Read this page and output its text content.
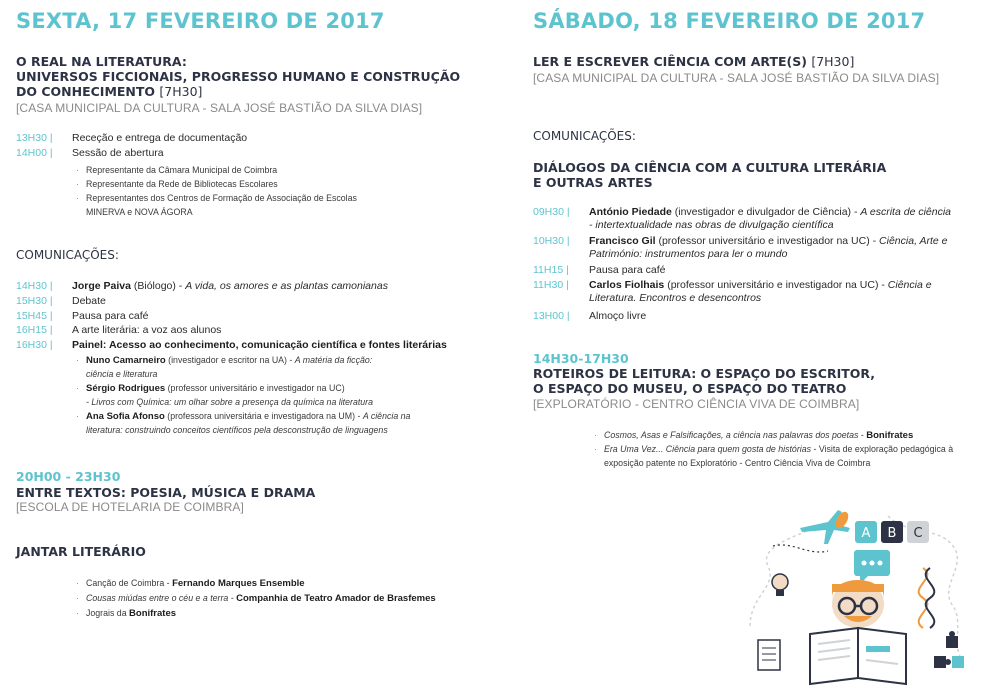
SEXTA, 17 FEVEREIRO DE 2017
O REAL NA LITERATURA:
UNIVERSOS FICCIONAIS, PROGRESSO HUMANO E CONSTRUÇÃO
DO CONHECIMENTO [7H30]
[CASA MUNICIPAL DA CULTURA - SALA JOSÉ BASTIÃO DA SILVA DIAS]
13H30 | Receção e entrega de documentação
14H00 | Sessão de abertura
· Representante da Câmara Municipal de Coimbra
· Representante da Rede de Bibliotecas Escolares
· Representantes dos Centros de Formação de Associação de Escolas
MINERVA e NOVA ÁGORA
COMUNICAÇÕES:
14H30 | Jorge Paiva (Biólogo) - A vida, os amores e as plantas camonianas
15H30 | Debate
15H45 | Pausa para café
16H15 | A arte literária: a voz aos alunos
16H30 | Painel: Acesso ao conhecimento, comunicação científica e fontes literárias
· Nuno Camarneiro (investigador e escritor na UA) - A matéria da ficção:
ciência e literatura
· Sérgio Rodrigues (professor universitário e investigador na UC)
- Livros com Química: um olhar sobre a presença da química na literatura
· Ana Sofia Afonso (professora universitária e investigadora na UM) - A ciência na
literatura: construindo conceitos científicos pela desconstrução de linguagens
20H00 - 23H30
ENTRE TEXTOS: POESIA, MÚSICA E DRAMA
[ESCOLA DE HOTELARIA DE COIMBRA]
JANTAR LITERÁRIO
· Canção de Coimbra - Fernando Marques Ensemble
· Cousas miúdas entre o céu e a terra - Companhia de Teatro Amador de Brasfemes
· Jograis da Bonifrates
SÁBADO, 18 FEVEREIRO DE 2017
LER E ESCREVER CIÊNCIA COM ARTE(S) [7H30]
[CASA MUNICIPAL DA CULTURA - SALA JOSÉ BASTIÃO DA SILVA DIAS]
COMUNICAÇÕES:
DIÁLOGOS DA CIÊNCIA COM A CULTURA LITERÁRIA
E OUTRAS ARTES
09H30 | António Piedade (investigador e divulgador de Ciência) - A escrita de ciência
- intertextualidade nas obras de divulgação científica
10H30 | Francisco Gil (professor universitário e investigador na UC) - Ciência, Arte e
Património: instrumentos para ler o mundo
11H15 | Pausa para café
11H30 | Carlos Fiolhais (professor universitário e investigador na UC) - Ciência e
Literatura. Encontros e desencontros
13H00 | Almoço livre
14H30-17H30
ROTEIROS DE LEITURA: O ESPAÇO DO ESCRITOR,
O ESPAÇO DO MUSEU, O ESPAÇO DO TEATRO
[EXPLORATÓRIO - CENTRO CIÊNCIA VIVA DE COIMBRA]
· Cosmos, Asas e Falsificações, a ciência nas palavras dos poetas - Bonifrates
· Era Uma Vez... Ciência para quem gosta de histórias - Visita de exploração pedagógica à
exposição patente no Exploratório - Centro Ciência Viva de Coimbra
A B C
